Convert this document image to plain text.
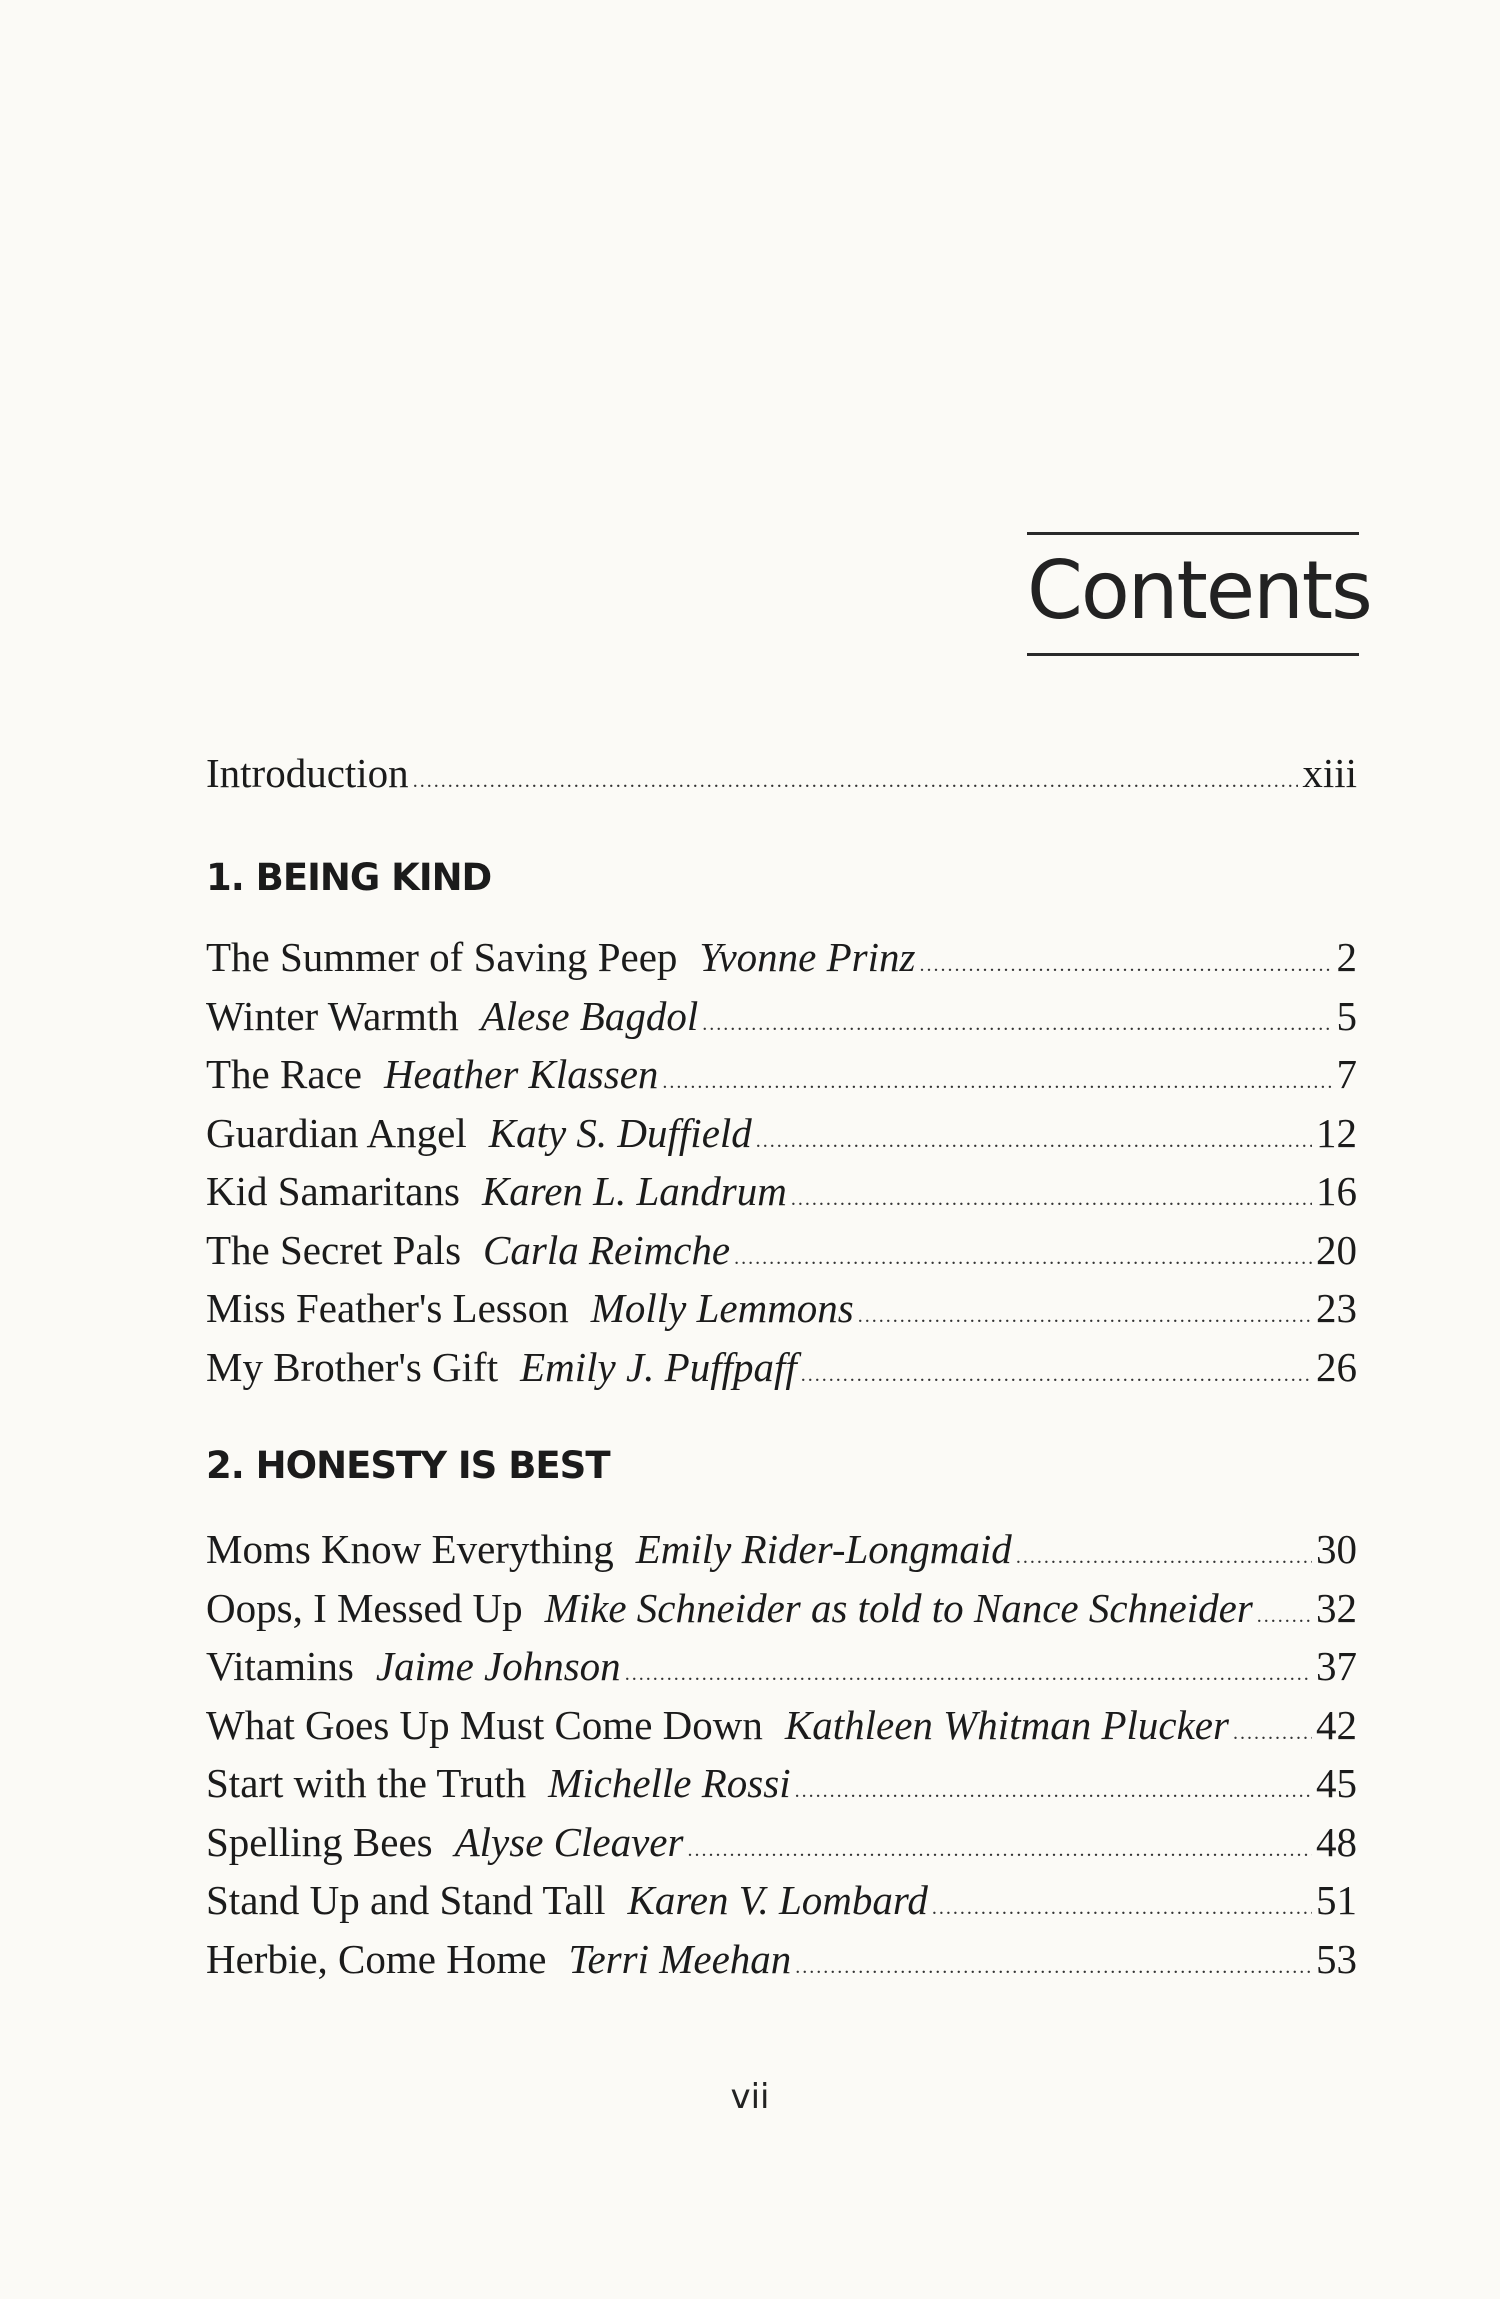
Contents
Introduction .....	xiii
1. BEING KIND
The Summer of Saving Peep Yvonne Prinz .....	2
Winter Warmth Alese Bagdol .....	5
The Race Heather Klassen .....	7
Guardian Angel Katy S. Duffield .....	12
Kid Samaritans Karen L. Landrum .....	16
The Secret Pals Carla Reimche .....	20
Miss Feather's Lesson Molly Lemmons .....	23
My Brother's Gift Emily J. Puffpaff .....	26
2. HONESTY IS BEST
Moms Know Everything Emily Rider-Longmaid .....	30
Oops, I Messed Up Mike Schneider as told to Nance Schneider ..... 32
Vitamins Jaime Johnson .....	37
What Goes Up Must Come Down Kathleen Whitman Plucker ..... 42
Start with the Truth Michelle Rossi .....	45
Spelling Bees Alyse Cleaver .....	48
Stand Up and Stand Tall Karen V. Lombard .....	51
Herbie, Come Home Terri Meehan .....	53
vii
